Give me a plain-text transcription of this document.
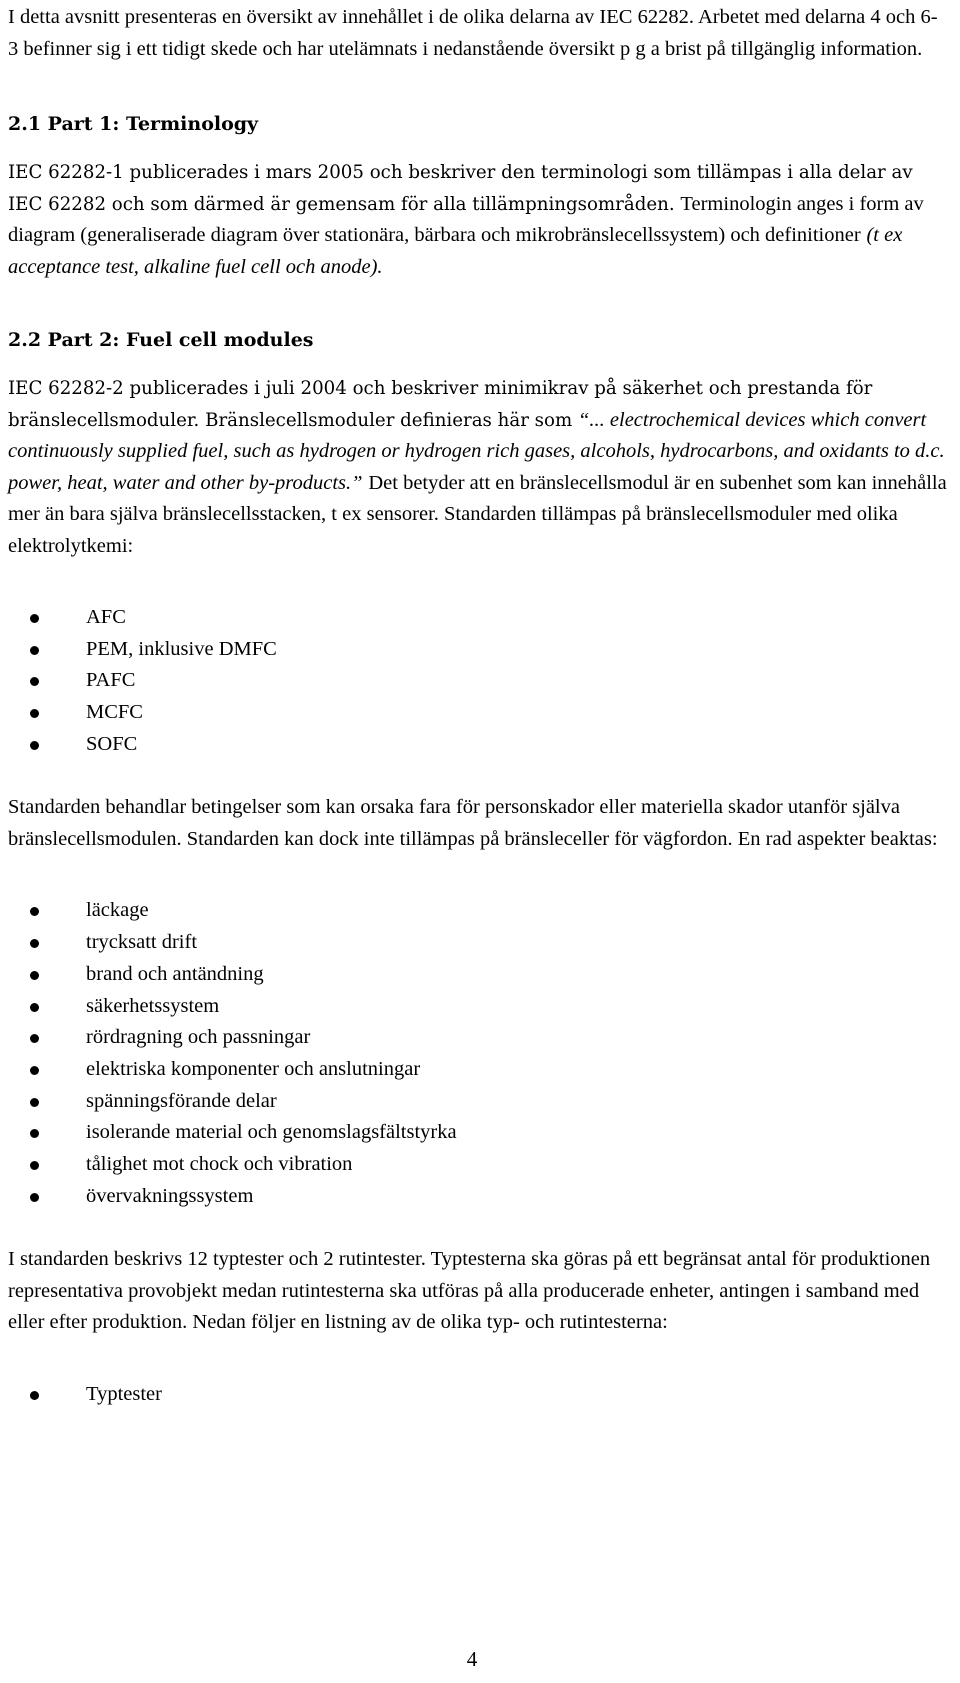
I detta avsnitt presenteras en översikt av innehållet i de olika delarna av IEC 62282. Arbetet med delarna 4 och 6-3 befinner sig i ett tidigt skede och har utelämnats i nedanstående översikt p g a brist på tillgänglig information.

2.1 Part 1: Terminology

IEC 62282-1 publicerades i mars 2005 och beskriver den terminologi som tillämpas i alla delar av IEC 62282 och som därmed är gemensam för alla tillämpningsområden. Terminologin anges i form av diagram (generaliserade diagram över stationära, bärbara och mikrobränslecellssystem) och definitioner (t ex acceptance test, alkaline fuel cell och anode).

2.2 Part 2: Fuel cell modules

IEC 62282-2 publicerades i juli 2004 och beskriver minimikrav på säkerhet och prestanda för bränslecellsmoduler. Bränslecellsmoduler definieras här som “... electrochemical devices which convert continuously supplied fuel, such as hydrogen or hydrogen rich gases, alcohols, hydrocarbons, and oxidants to d.c. power, heat, water and other by-products.” Det betyder att en bränslecellsmodul är en subenhet som kan innehålla mer än bara själva bränslecellsstacken, t ex sensorer. Standarden tillämpas på bränslecellsmoduler med olika elektrolytkemi:

AFC
PEM, inklusive DMFC
PAFC
MCFC
SOFC

Standarden behandlar betingelser som kan orsaka fara för personskador eller materiella skador utanför själva bränslecellsmodulen. Standarden kan dock inte tillämpas på bränsleceller för vägfordon. En rad aspekter beaktas:

läckage
trycksatt drift
brand och antändning
säkerhetssystem
rördragning och passningar
elektriska komponenter och anslutningar
spänningsförande delar
isolerande material och genomslagsfältstyrka
tålighet mot chock och vibration
övervakningssystem

I standarden beskrivs 12 typtester och 2 rutintester. Typtesterna ska göras på ett begränsat antal för produktionen representativa provobjekt medan rutintesterna ska utföras på alla producerade enheter, antingen i samband med eller efter produktion. Nedan följer en listning av de olika typ- och rutintesterna:

Typtester
4
